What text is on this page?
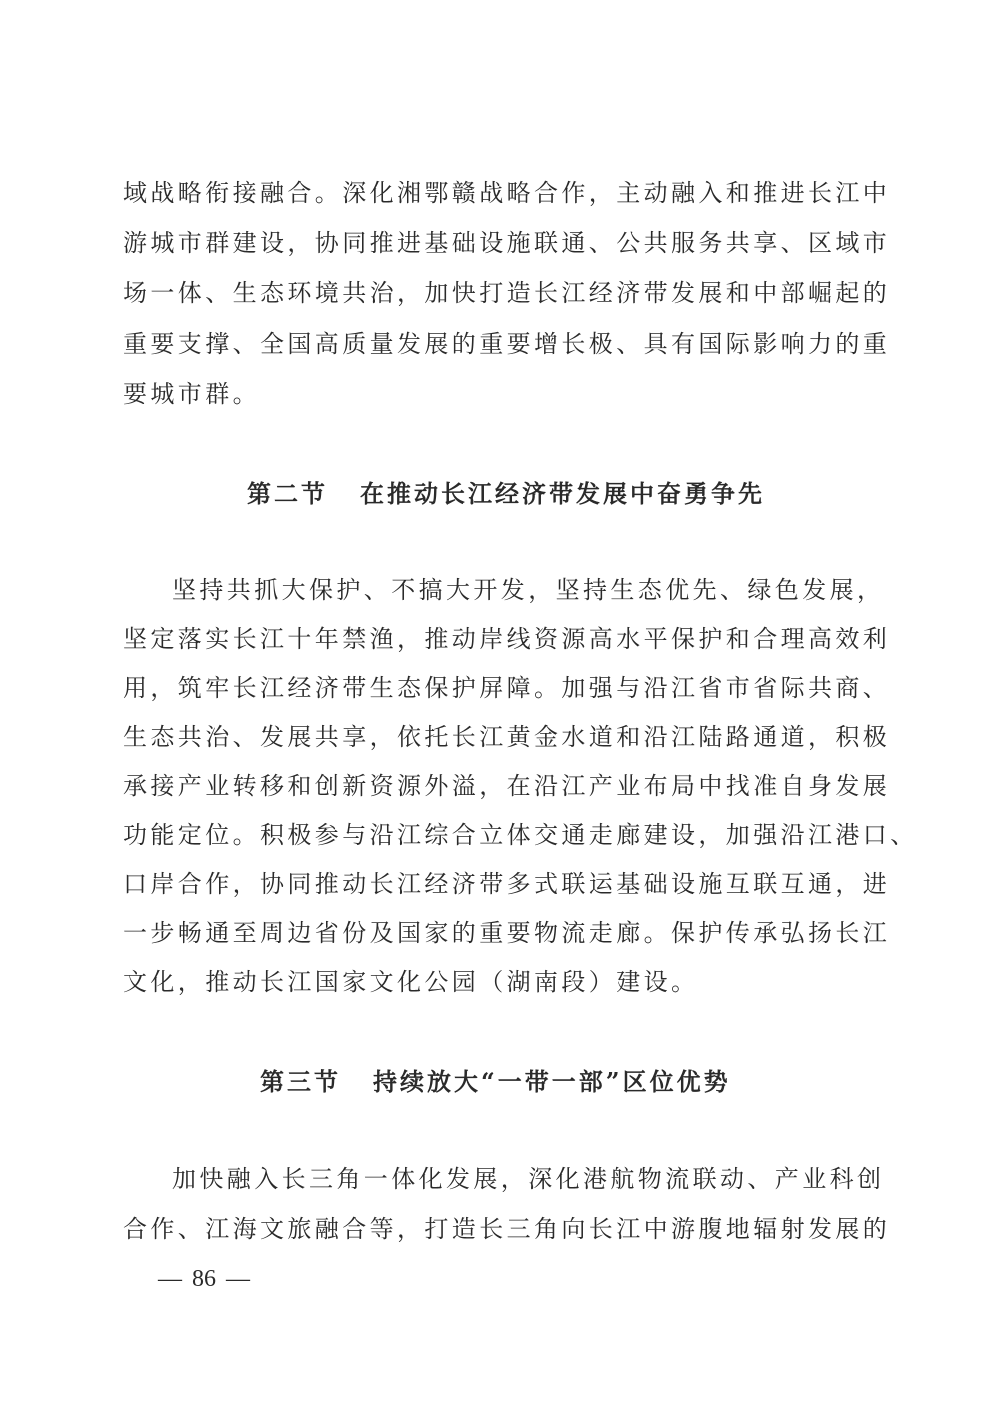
域战略衔接融合。深化湘鄂赣战略合作，主动融入和推进长江中
游城市群建设，协同推进基础设施联通、公共服务共享、区域市
场一体、生态环境共治，加快打造长江经济带发展和中部崛起的
重要支撑、全国高质量发展的重要增长极、具有国际影响力的重
要城市群。
第二节 在推动长江经济带发展中奋勇争先
坚持共抓大保护、不搞大开发，坚持生态优先、绿色发展，
坚定落实长江十年禁渔，推动岸线资源高水平保护和合理高效利
用，筑牢长江经济带生态保护屏障。加强与沿江省市省际共商、
生态共治、发展共享，依托长江黄金水道和沿江陆路通道，积极
承接产业转移和创新资源外溢，在沿江产业布局中找准自身发展
功能定位。积极参与沿江综合立体交通走廊建设，加强沿江港口、
口岸合作，协同推动长江经济带多式联运基础设施互联互通，进
一步畅通至周边省份及国家的重要物流走廊。保护传承弘扬长江
文化，推动长江国家文化公园（湖南段）建设。
第三节 持续放大“一带一部”区位优势
加快融入长三角一体化发展，深化港航物流联动、产业科创
合作、江海文旅融合等，打造长三角向长江中游腹地辐射发展的
— 86 —
